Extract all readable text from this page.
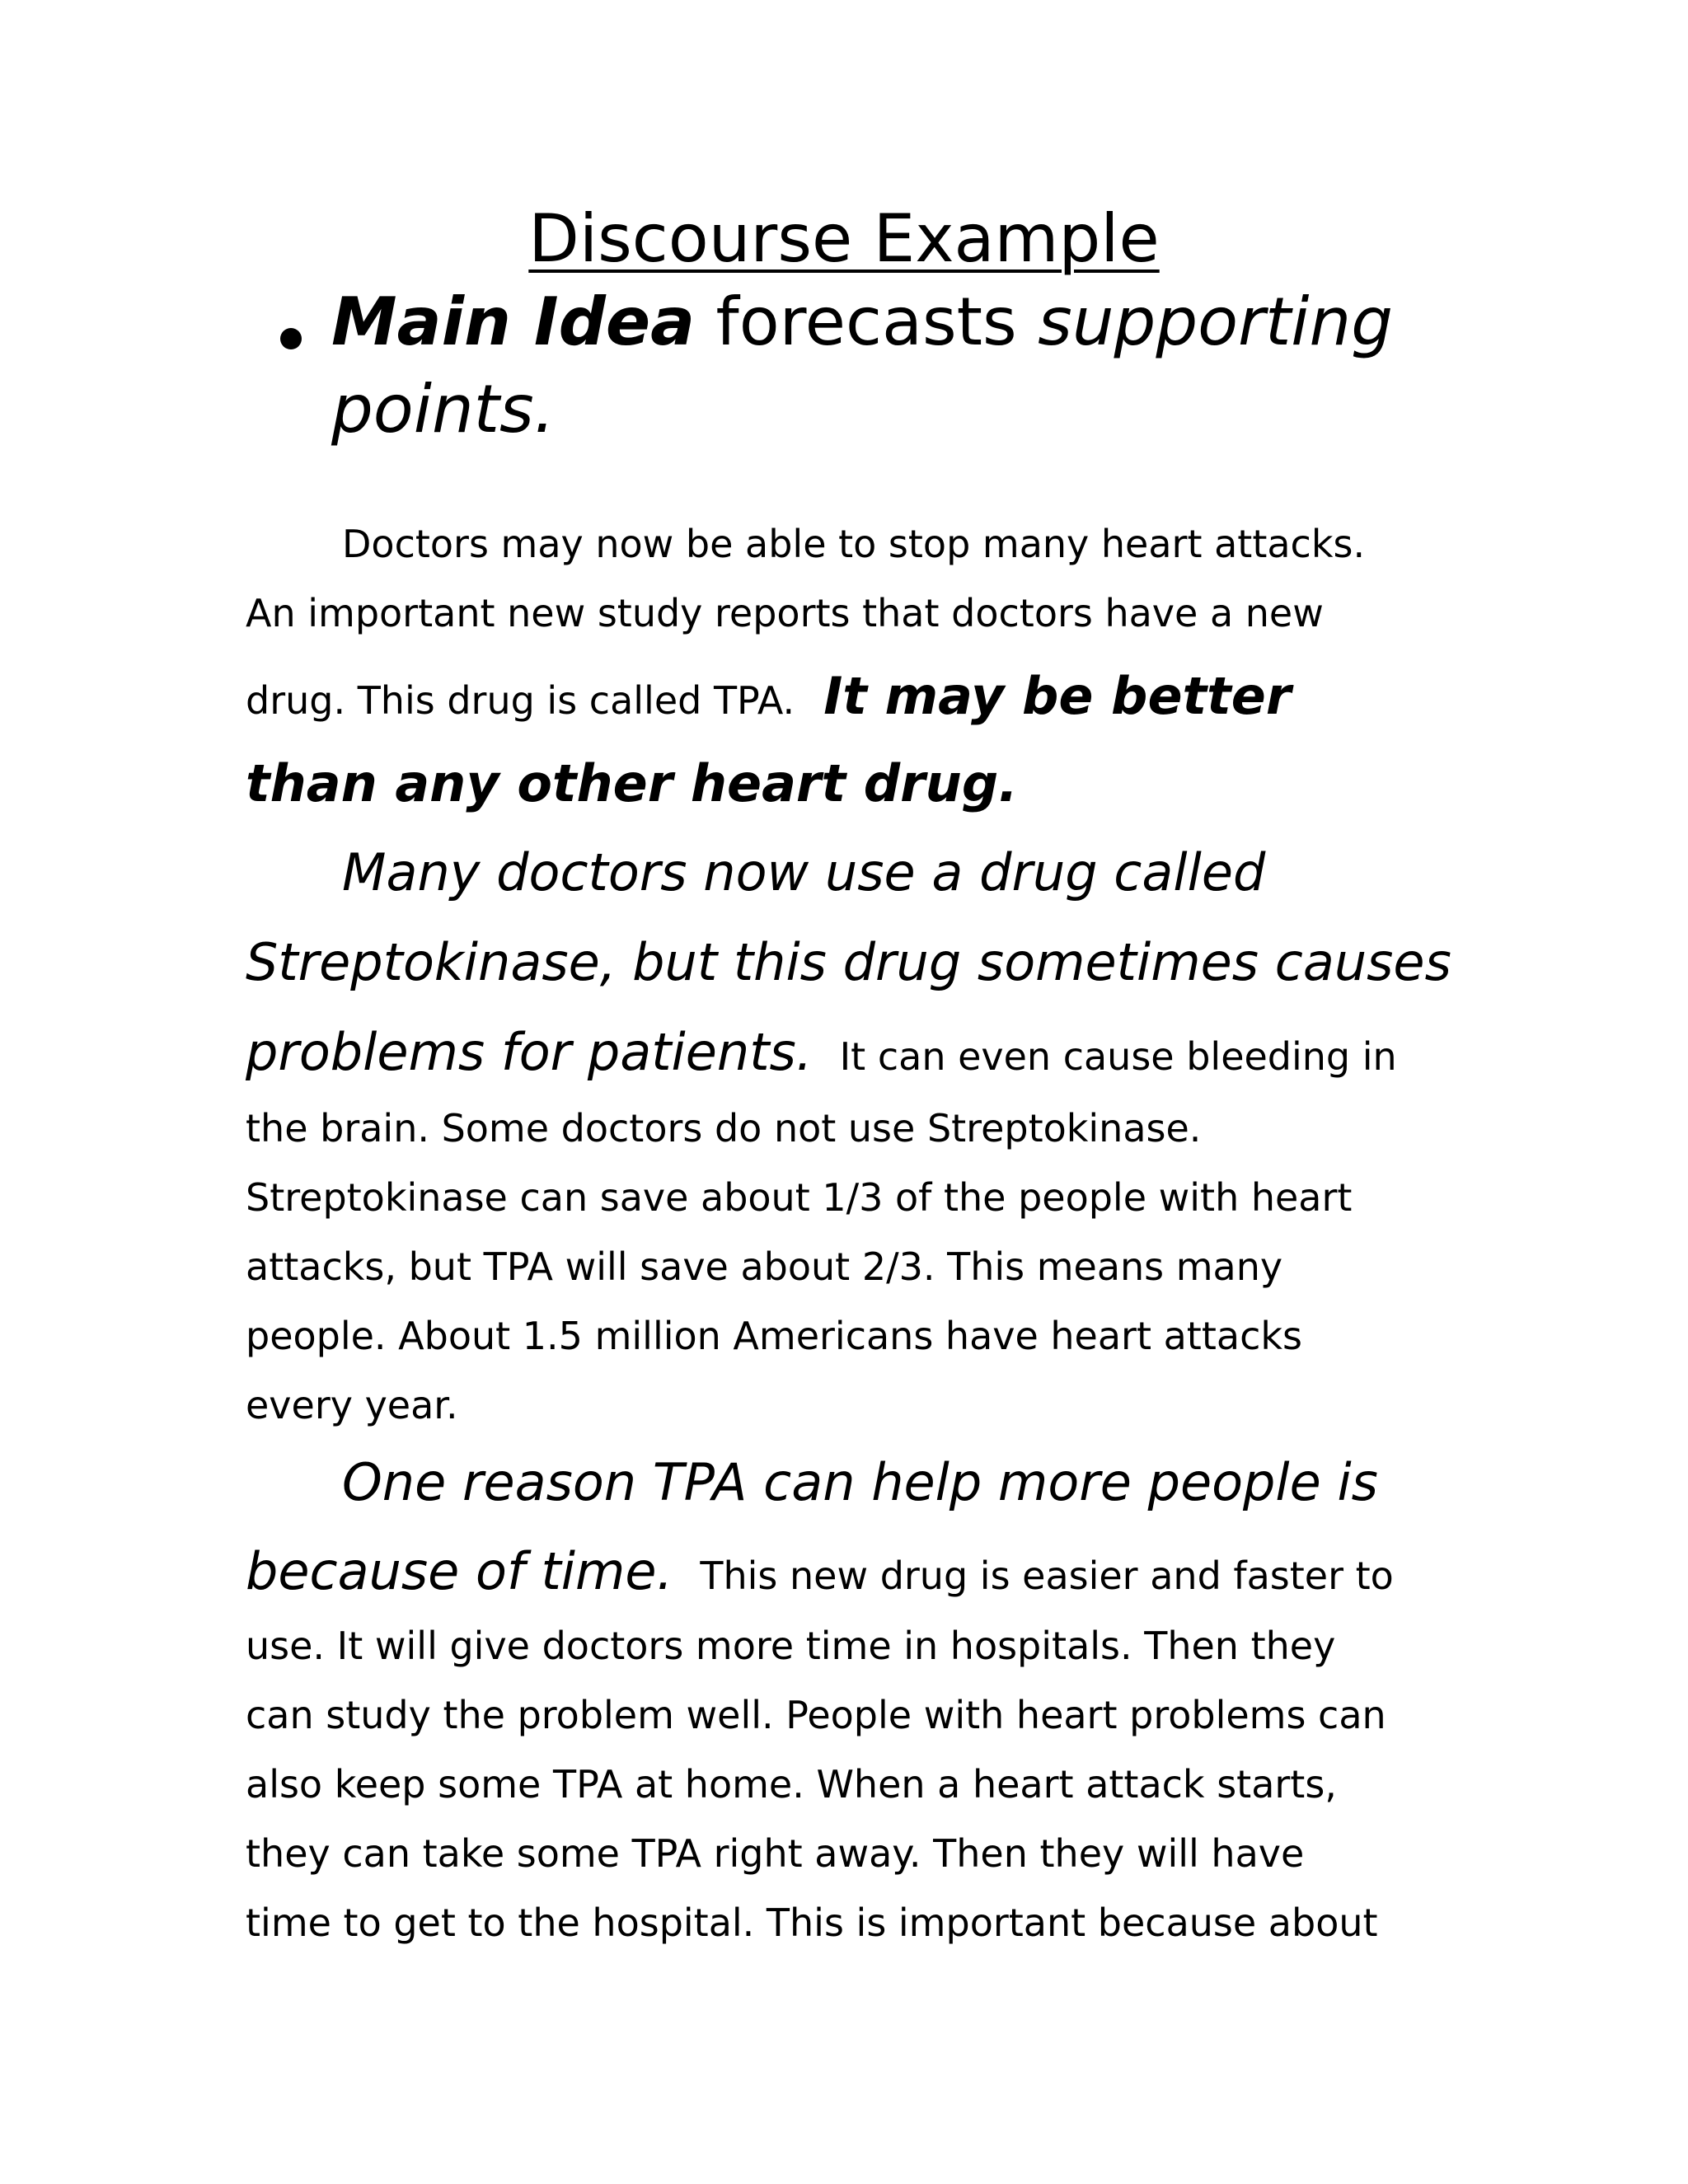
Discourse Example
Main Idea forecasts supporting points.
Doctors may now be able to stop many heart attacks.
An important new study reports that doctors have a new
drug. This drug is called TPA. It may be better
than any other heart drug.
Many doctors now use a drug called
Streptokinase, but this drug sometimes causes
problems for patients. It can even cause bleeding in
the brain. Some doctors do not use Streptokinase.
Streptokinase can save about 1/3 of the people with heart
attacks, but TPA will save about 2/3. This means many
people. About 1.5 million Americans have heart attacks
every year.
One reason TPA can help more people is
because of time. This new drug is easier and faster to
use. It will give doctors more time in hospitals. Then they
can study the problem well. People with heart problems can
also keep some TPA at home. When a heart attack starts,
they can take some TPA right away. Then they will have
time to get to the hospital. This is important because about
